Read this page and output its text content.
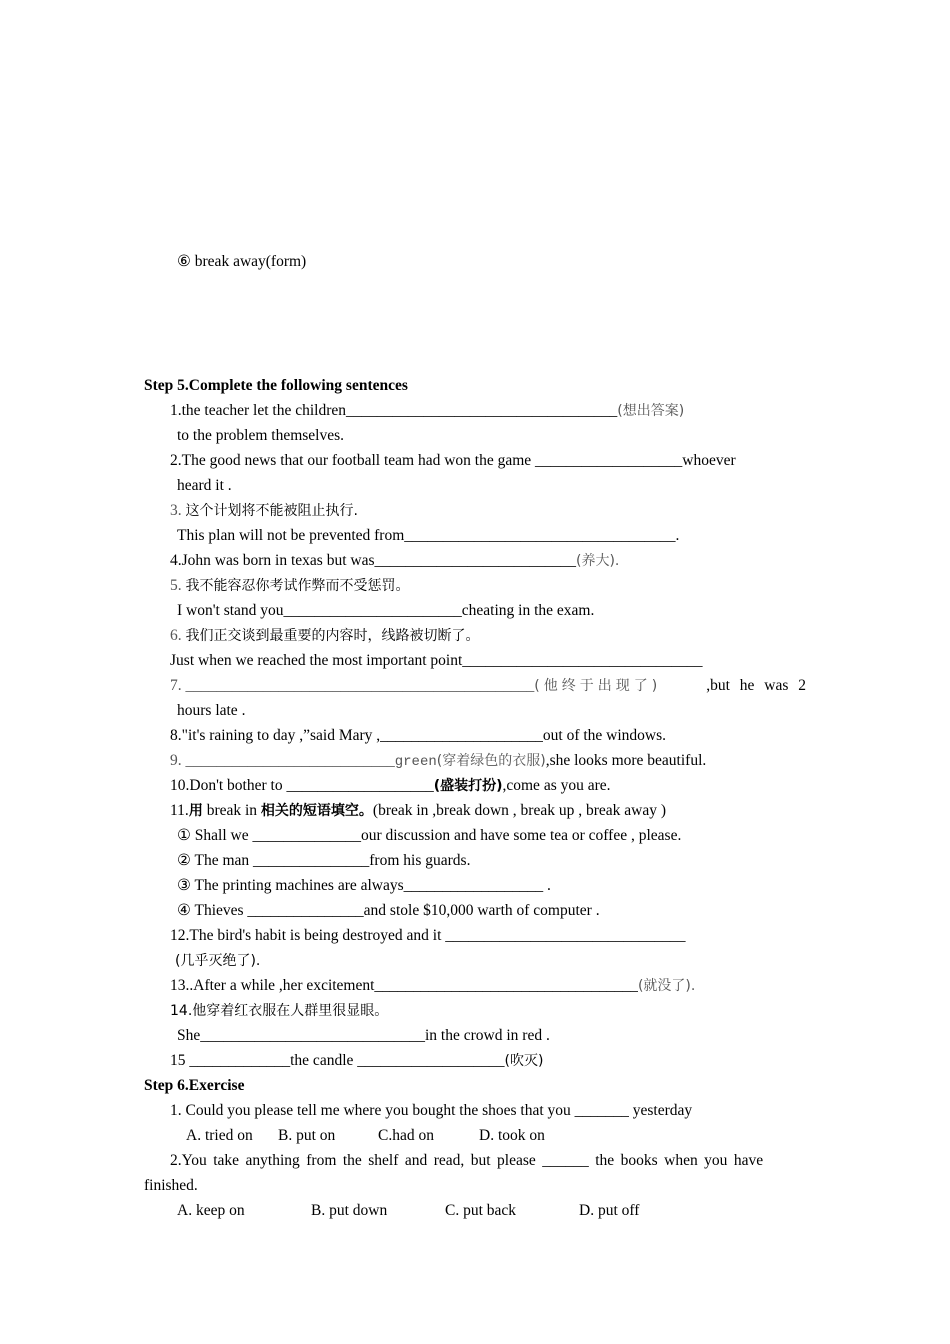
⑥ break away(form)
Step 5.Complete the following sentences
1.the teacher let the children___________________________________(想出答案)
to the problem themselves.
2.The good news that our football team had won the game ___________________whoever
heard it .
3. 这个计划将不能被阻止执行.
This plan will not be prevented from___________________________________.
4.John was born in texas but was__________________________(养大).
5. 我不能容忍你考试作弊而不受惩罚。
I won't stand you_______________________cheating in the exam.
6. 我们正交谈到最重要的内容时，线路被切断了。
Just when we reached the most important point_______________________________
7. _____________________________________________(他终于出现了)	,but he was 2
hours late .
8."it's raining to day ,”said Mary ,_____________________out of the windows.
9. ___________________________green(穿着绿色的衣服),she looks more beautiful.
10.Don't bother to ___________________(盛装打扮),come as you are.
11.用 break in 相关的短语填空。(break in ,break down , break up , break away )
① Shall we ______________our discussion and have some tea or coffee , please.
② The man _______________from his guards.
③ The printing machines are always__________________ .
④ Thieves _______________and stole $10,000 warth of computer .
12.The bird's habit is being destroyed and it _______________________________
(几乎灭绝了).
13..After a while ,her excitement__________________________________(就没了).
14.他穿着红衣服在人群里很显眼。
She_____________________________in the crowd in red .
15 _____________the candle ___________________(吹灭)
Step 6.Exercise
1. Could you please tell me where you bought the shoes that you _______ yesterday
A. tried on B. put on	C.had on	D. took on
2.You take anything from the shelf and read, but please ______ the books when you have
finished.
A. keep on	B. put down	C. put back	D. put off
